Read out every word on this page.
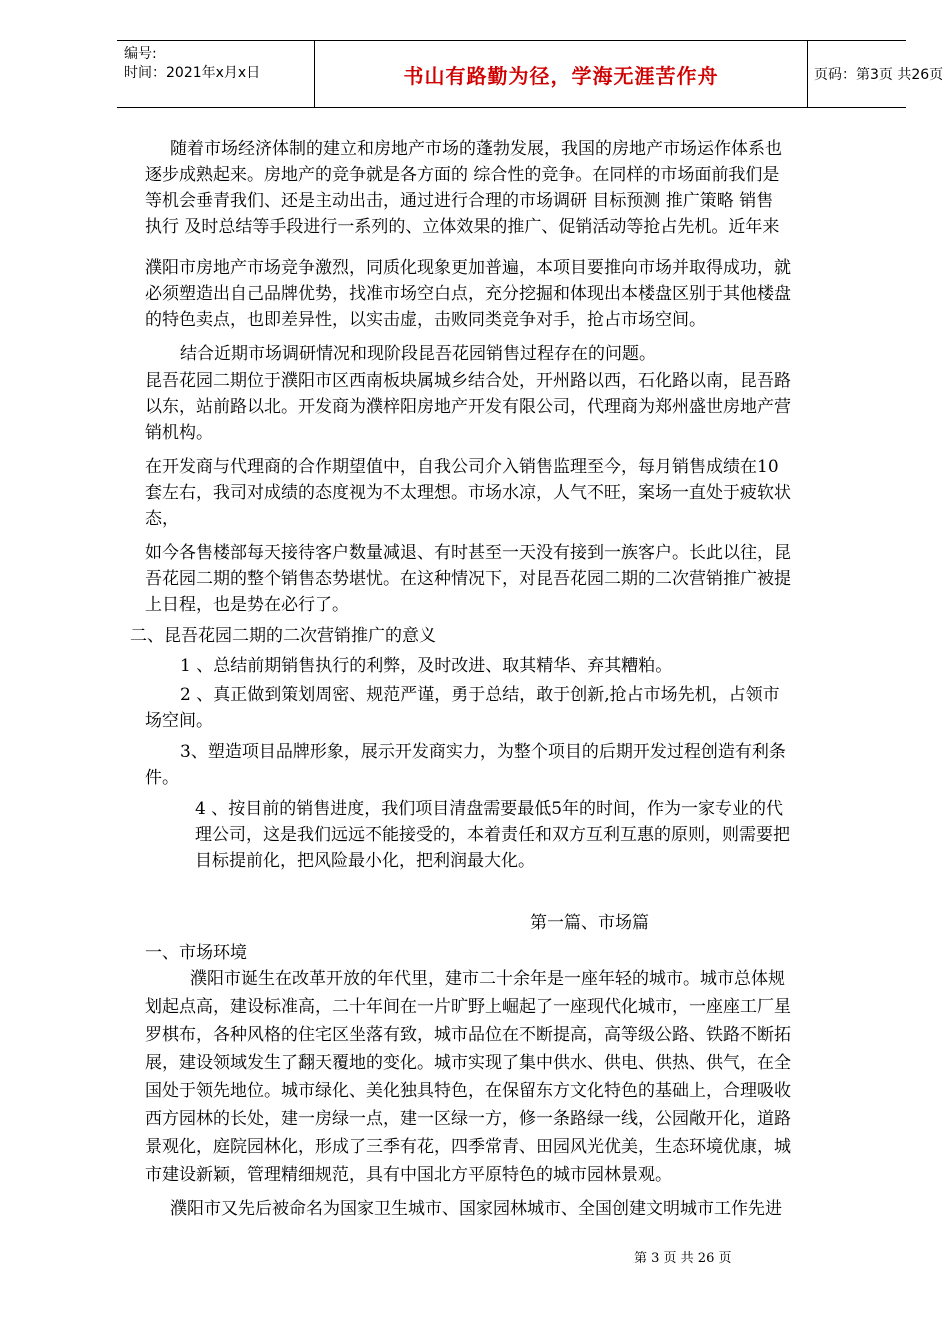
编号:
时间：2021年x月x日	书山有路勤为径，学海无涯苦作舟	页码：第3页 共26页
随着市场经济体制的建立和房地产市场的蓬勃发展，我国的房地产市场运作体系也
逐步成熟起来。房地产的竞争就是各方面的 综合性的竞争。在同样的市场面前我们是
等机会垂青我们、还是主动出击，通过进行合理的市场调研 目标预测 推广策略 销售
执行 及时总结等手段进行一系列的、立体效果的推广、促销活动等抢占先机。近年来
濮阳市房地产市场竞争激烈，同质化现象更加普遍，本项目要推向市场并取得成功，就
必须塑造出自己品牌优势，找准市场空白点，充分挖掘和体现出本楼盘区别于其他楼盘
的特色卖点，也即差异性，以实击虚，击败同类竞争对手，抢占市场空间。
结合近期市场调研情况和现阶段昆吾花园销售过程存在的问题。
昆吾花园二期位于濮阳市区西南板块属城乡结合处，开州路以西，石化路以南，昆吾路
以东，站前路以北。开发商为濮梓阳房地产开发有限公司，代理商为郑州盛世房地产营
销机构。
在开发商与代理商的合作期望值中，自我公司介入销售监理至今，每月销售成绩在10
套左右，我司对成绩的态度视为不太理想。市场水凉，人气不旺，案场一直处于疲软状
态，
如今各售楼部每天接待客户数量减退、有时甚至一天没有接到一族客户。长此以往，昆
吾花园二期的整个销售态势堪忧。在这种情况下，对昆吾花园二期的二次营销推广被提
上日程，也是势在必行了。
二、昆吾花园二期的二次营销推广的意义
1 、总结前期销售执行的利弊，及时改进、取其精华、弃其糟粕。
2 、真正做到策划周密、规范严谨，勇于总结，敢于创新,抢占市场先机，占领市
场空间。
3、塑造项目品牌形象，展示开发商实力，为整个项目的后期开发过程创造有利条
件。
4 、按目前的销售进度，我们项目清盘需要最低5年的时间，作为一家专业的代
理公司，这是我们远远不能接受的，本着责任和双方互利互惠的原则，则需要把
目标提前化，把风险最小化，把利润最大化。
第一篇、市场篇
一、市场环境
濮阳市诞生在改革开放的年代里，建市二十余年是一座年轻的城市。城市总体规
划起点高，建设标准高，二十年间在一片旷野上崛起了一座现代化城市，一座座工厂星
罗棋布，各种风格的住宅区坐落有致，城市品位在不断提高，高等级公路、铁路不断拓
展，建设领域发生了翻天覆地的变化。城市实现了集中供水、供电、供热、供气，在全
国处于领先地位。城市绿化、美化独具特色，在保留东方文化特色的基础上，合理吸收
西方园林的长处，建一房绿一点，建一区绿一方，修一条路绿一线，公园敞开化，道路
景观化，庭院园林化，形成了三季有花，四季常青、田园风光优美，生态环境优康，城
市建设新颖，管理精细规范，具有中国北方平原特色的城市园林景观。
濮阳市又先后被命名为国家卫生城市、国家园林城市、全国创建文明城市工作先进
第 3 页 共 26 页
